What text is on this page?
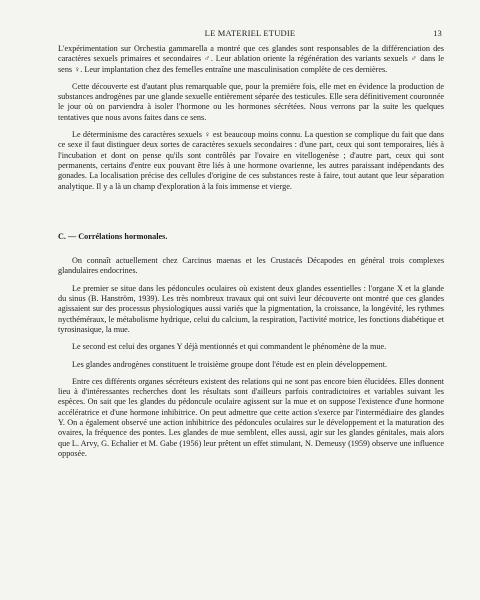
LE MATERIEL ETUDIE	13

L'expérimentation sur Orchestia gammarella a montré que ces glandes sont responsables de la différenciation des caractères sexuels primaires et secondaires ♂. Leur ablation oriente la régénération des variants sexuels ♂ dans le sens ♀. Leur implantation chez des femelles entraîne une masculinisation complète de ces dernières.

Cette découverte est d'autant plus remarquable que, pour la première fois, elle met en évidence la production de substances androgènes par une glande sexuelle entièrement séparée des testicules. Elle sera définitivement couronnée le jour où on parviendra à isoler l'hormone ou les hormones sécrétées. Nous verrons par la suite les quelques tentatives que nous avons faites dans ce sens.

Le déterminisme des caractères sexuels ♀ est beaucoup moins connu. La question se complique du fait que dans ce sexe il faut distinguer deux sortes de caractères sexuels secondaires : d'une part, ceux qui sont temporaires, liés à l'incubation et dont on pense qu'ils sont contrôlés par l'ovaire en vitellogenèse ; d'autre part, ceux qui sont permanents, certains d'entre eux pouvant être liés à une hormone ovarienne, les autres paraissant indépendants des gonades. La localisation précise des cellules d'origine de ces substances reste à faire, tout autant que leur séparation analytique. Il y a là un champ d'exploration à la fois immense et vierge.

C. — Corrélations hormonales.

On connaît actuellement chez Carcinus maenas et les Crustacés Décapodes en général trois complexes glandulaires endocrines.

Le premier se situe dans les pédoncules oculaires où existent deux glandes essentielles : l'organe X et la glande du sinus (B. Hanström, 1939). Les très nombreux travaux qui ont suivi leur découverte ont montré que ces glandes agissaient sur des processus physiologiques aussi variés que la pigmentation, la croissance, la longévité, les rythmes nycthéméraux, le métabolisme hydrique, celui du calcium, la respiration, l'activité motrice, les fonctions diabétique et tyrosinasique, la mue.

Le second est celui des organes Y déjà mentionnés et qui commandent le phénomène de la mue.

Les glandes androgènes constituent le troisième groupe dont l'étude est en plein développement.

Entre ces différents organes sécréteurs existent des relations qui ne sont pas encore bien élucidées. Elles donnent lieu à d'intéressantes recherches dont les résultats sont d'ailleurs parfois contradictoires et variables suivant les espèces. On sait que les glandes du pédoncule oculaire agissent sur la mue et on suppose l'existence d'une hormone accélératrice et d'une hormone inhibitrice. On peut admettre que cette action s'exerce par l'intermédiaire des glandes Y. On a également observé une action inhibitrice des pédoncules oculaires sur le développement et la maturation des ovaires, la fréquence des pontes. Les glandes de mue semblent, elles aussi, agir sur les glandes génitales, mais alors que L. Arvy, G. Echalier et M. Gabe (1956) leur prêtent un effet stimulant, N. Demeusy (1959) observe une influence opposée.
